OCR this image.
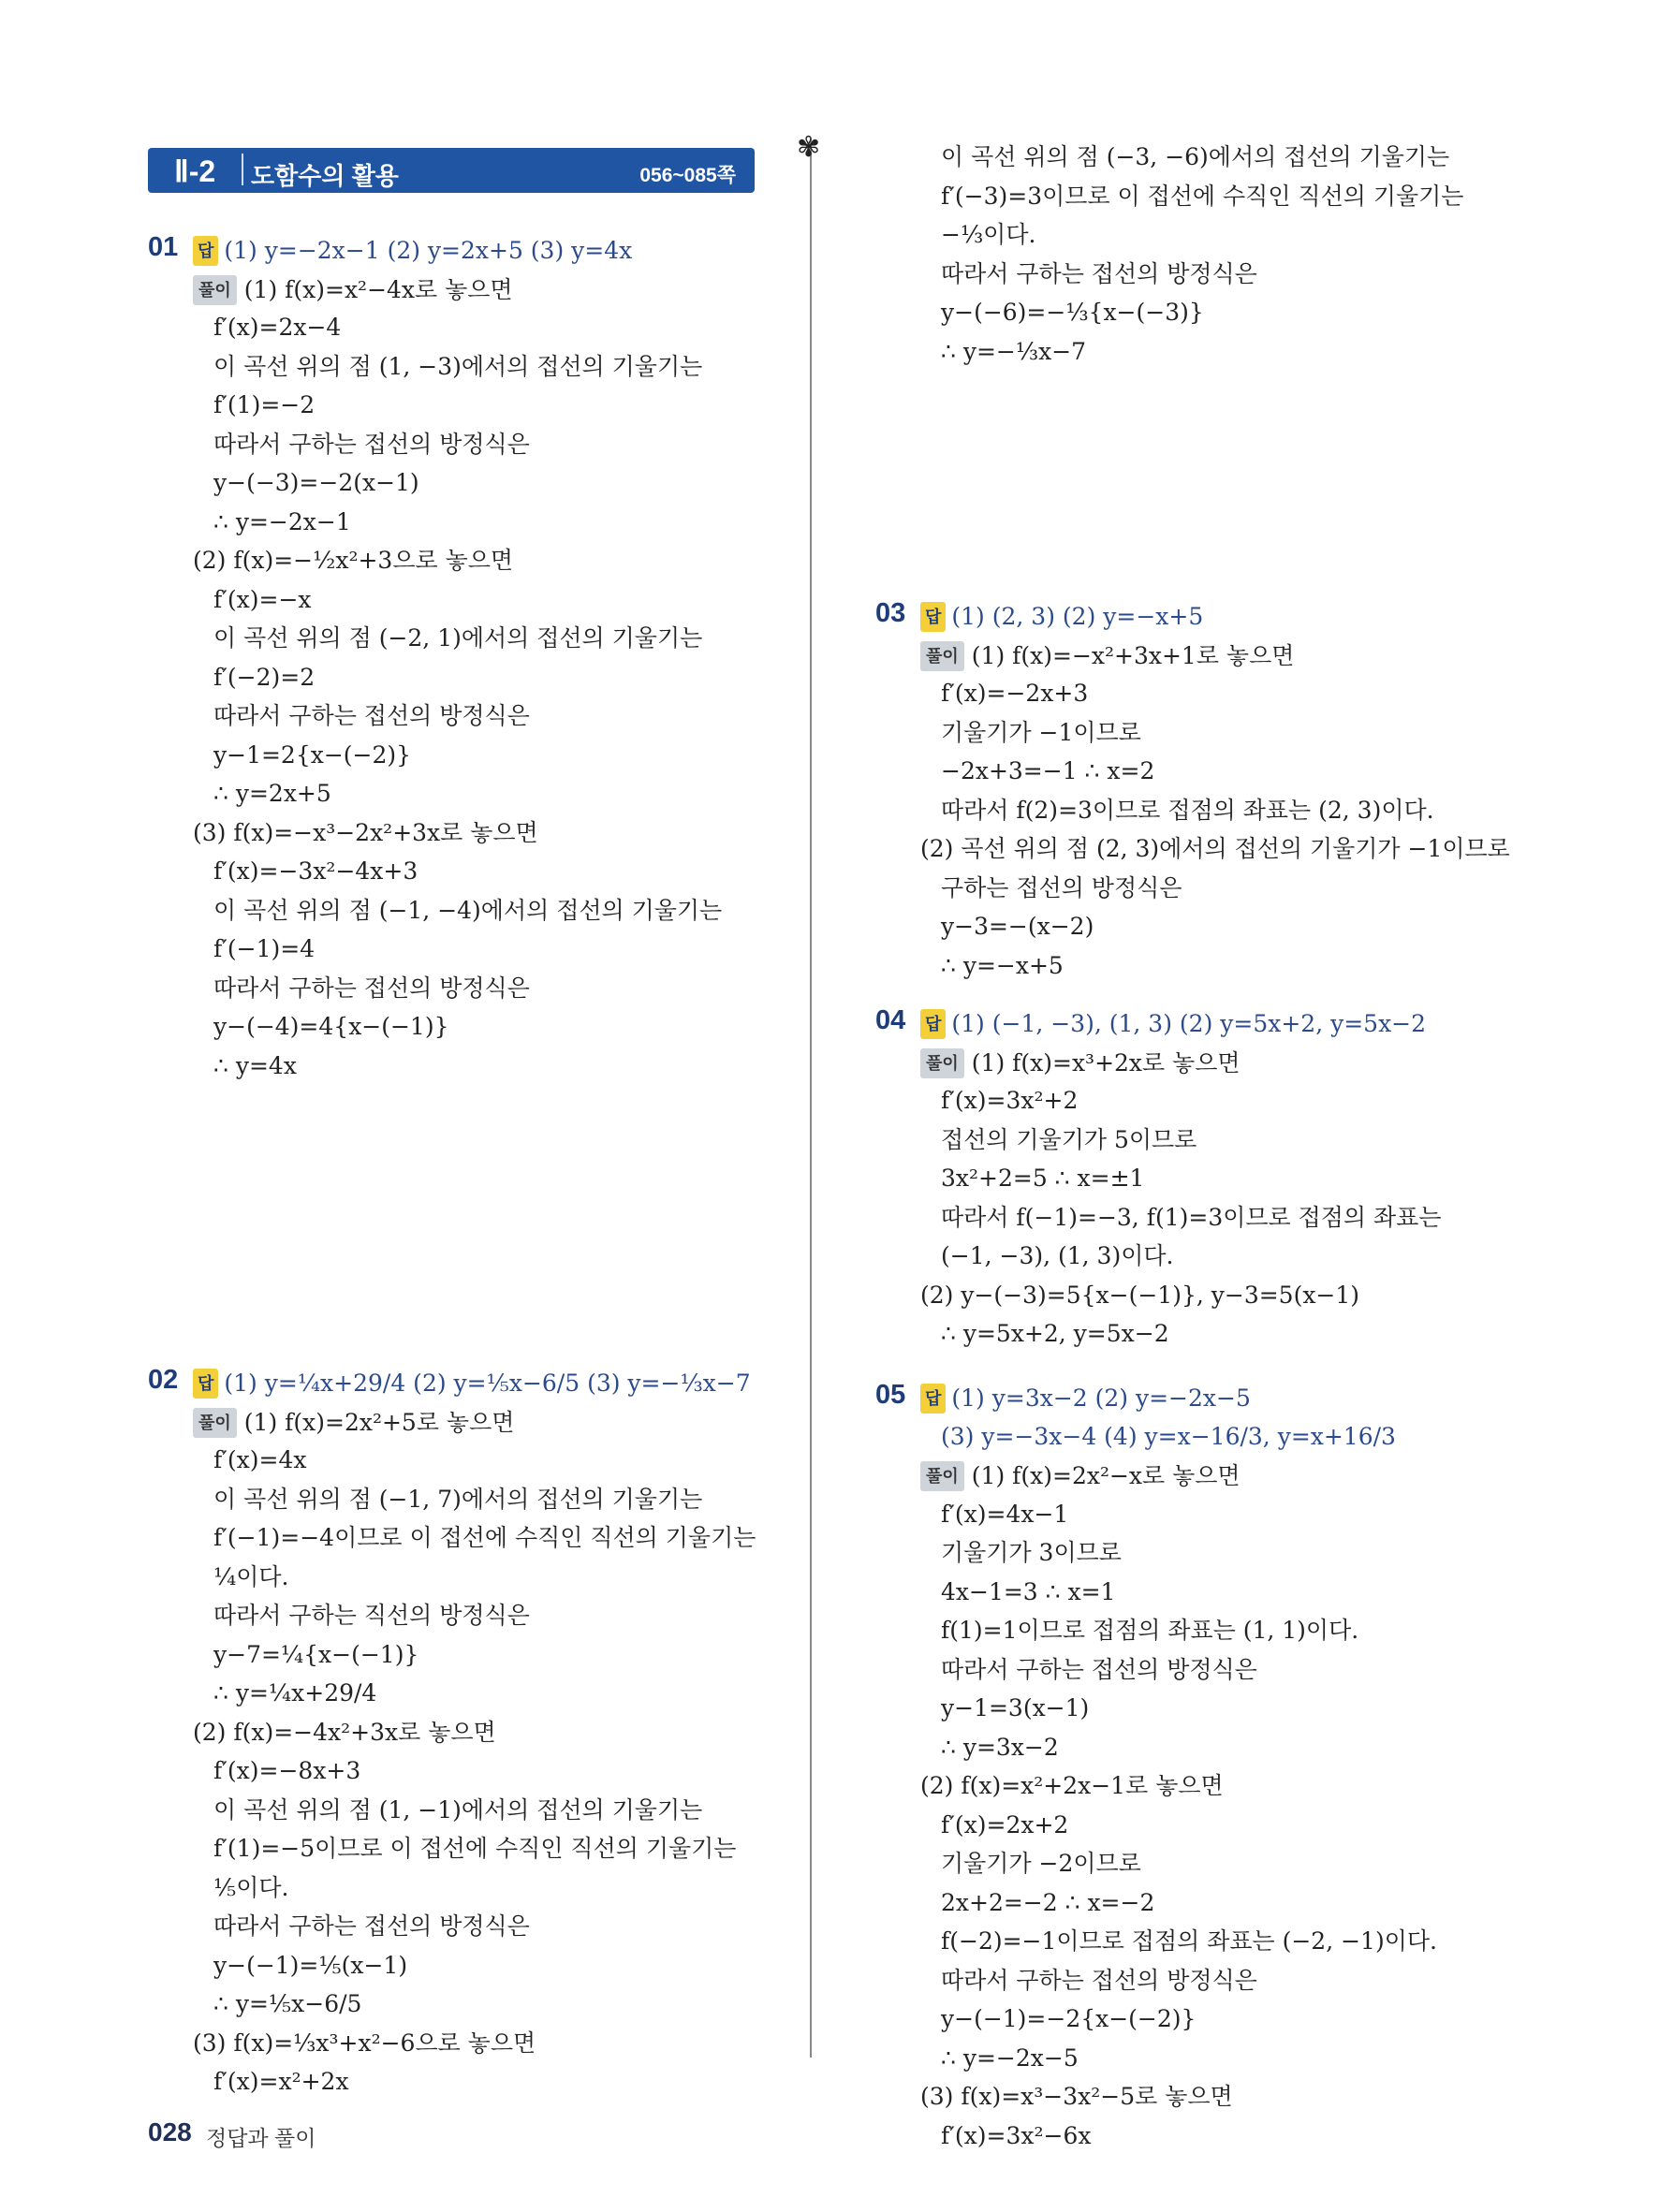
Ⅱ-2 도함수의 활용	056~085쪽
✾
01 답 (1) y=−2x−1 (2) y=2x+5 (3) y=4x
풀이 (1) f(x)=x²−4x로 놓으면
f′(x)=2x−4
이 곡선 위의 점 (1, −3)에서의 접선의 기울기는
f′(1)=−2
따라서 구하는 접선의 방정식은
y−(−3)=−2(x−1)
∴ y=−2x−1
(2) f(x)=−½x²+3으로 놓으면
f′(x)=−x
이 곡선 위의 점 (−2, 1)에서의 접선의 기울기는
f′(−2)=2
따라서 구하는 접선의 방정식은
y−1=2{x−(−2)}
∴ y=2x+5
(3) f(x)=−x³−2x²+3x로 놓으면
f′(x)=−3x²−4x+3
이 곡선 위의 점 (−1, −4)에서의 접선의 기울기는
f′(−1)=4
따라서 구하는 접선의 방정식은
y−(−4)=4{x−(−1)}
∴ y=4x
02 답 (1) y=¼x+29/4 (2) y=⅕x−6/5 (3) y=−⅓x−7
풀이 (1) f(x)=2x²+5로 놓으면
f′(x)=4x
이 곡선 위의 점 (−1, 7)에서의 접선의 기울기는
f′(−1)=−4이므로 이 접선에 수직인 직선의 기울기는
¼이다.
따라서 구하는 직선의 방정식은
y−7=¼{x−(−1)}
∴ y=¼x+29/4
(2) f(x)=−4x²+3x로 놓으면
f′(x)=−8x+3
이 곡선 위의 점 (1, −1)에서의 접선의 기울기는
f′(1)=−5이므로 이 접선에 수직인 직선의 기울기는
⅕이다.
따라서 구하는 접선의 방정식은
y−(−1)=⅕(x−1)
∴ y=⅕x−6/5
(3) f(x)=⅓x³+x²−6으로 놓으면
f′(x)=x²+2x
이 곡선 위의 점 (−3, −6)에서의 접선의 기울기는
f′(−3)=3이므로 이 접선에 수직인 직선의 기울기는
−⅓이다.
따라서 구하는 접선의 방정식은
y−(−6)=−⅓{x−(−3)}
∴ y=−⅓x−7
03 답 (1) (2, 3) (2) y=−x+5
풀이 (1) f(x)=−x²+3x+1로 놓으면
f′(x)=−2x+3
기울기가 −1이므로
−2x+3=−1 ∴ x=2
따라서 f(2)=3이므로 접점의 좌표는 (2, 3)이다.
(2) 곡선 위의 점 (2, 3)에서의 접선의 기울기가 −1이므로
구하는 접선의 방정식은
y−3=−(x−2)
∴ y=−x+5
04 답 (1) (−1, −3), (1, 3) (2) y=5x+2, y=5x−2
풀이 (1) f(x)=x³+2x로 놓으면
f′(x)=3x²+2
접선의 기울기가 5이므로
3x²+2=5 ∴ x=±1
따라서 f(−1)=−3, f(1)=3이므로 접점의 좌표는
(−1, −3), (1, 3)이다.
(2) y−(−3)=5{x−(−1)}, y−3=5(x−1)
∴ y=5x+2, y=5x−2
05 답 (1) y=3x−2 (2) y=−2x−5
(3) y=−3x−4 (4) y=x−16/3, y=x+16/3
풀이 (1) f(x)=2x²−x로 놓으면
f′(x)=4x−1
기울기가 3이므로
4x−1=3 ∴ x=1
f(1)=1이므로 접점의 좌표는 (1, 1)이다.
따라서 구하는 접선의 방정식은
y−1=3(x−1)
∴ y=3x−2
(2) f(x)=x²+2x−1로 놓으면
f′(x)=2x+2
기울기가 −2이므로
2x+2=−2 ∴ x=−2
f(−2)=−1이므로 접점의 좌표는 (−2, −1)이다.
따라서 구하는 접선의 방정식은
y−(−1)=−2{x−(−2)}
∴ y=−2x−5
(3) f(x)=x³−3x²−5로 놓으면
f′(x)=3x²−6x
028 정답과 풀이
